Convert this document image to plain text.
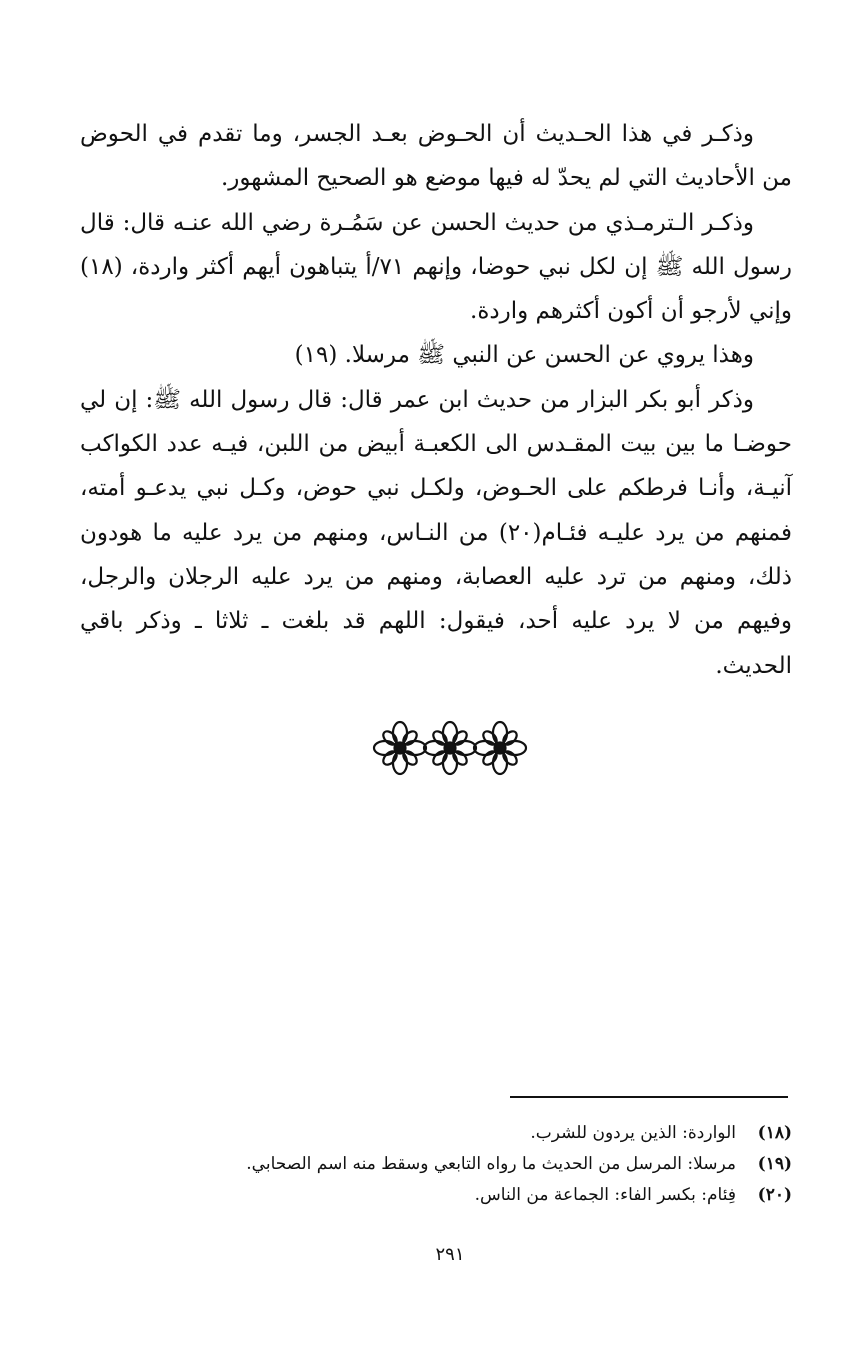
وذكـر في هذا الحـديث أن الحـوض بعـد الجسر، وما تقدم في الحوض من الأحاديث التي لم يحدّ له فيها موضع هو الصحيح المشهور.

وذكـر الـترمـذي من حديث الحسن عن سَمُـرة رضي الله عنـه قال: قال رسول الله ﷺ إن لكل نبي حوضا، وإنهم ٧١/أ يتباهون أيهم أكثر واردة، (١٨) وإني لأرجو أن أكون أكثرهم واردة.

وهذا يروي عن الحسن عن النبي ﷺ مرسلا. (١٩)

وذكر أبو بكر البزار من حديث ابن عمر قال: قال رسول الله ﷺ: إن لي حوضـا ما بين بيت المقـدس الى الكعبـة أبيض من اللبن، فيـه عدد الكواكب آنيـة، وأنـا فرطكم على الحـوض، ولكـل نبي حوض، وكـل نبي يدعـو أمته، فمنهم من يرد عليـه فئـام(٢٠) من النـاس، ومنهم من يرد عليه ما هودون ذلك، ومنهم من ترد عليه العصابة، ومنهم من يرد عليه الرجلان والرجل، وفيهم من لا يرد عليه أحد، فيقول: اللهم قد بلغت ـ ثلاثا ـ وذكر باقي الحديث.

(١٨)
الواردة: الذين يردون للشرب.

(١٩)
مرسلا: المرسل من الحديث ما رواه التابعي وسقط منه اسم الصحابي.

(٢٠)
فِئام: بكسر الفاء: الجماعة من الناس.

٢٩١
